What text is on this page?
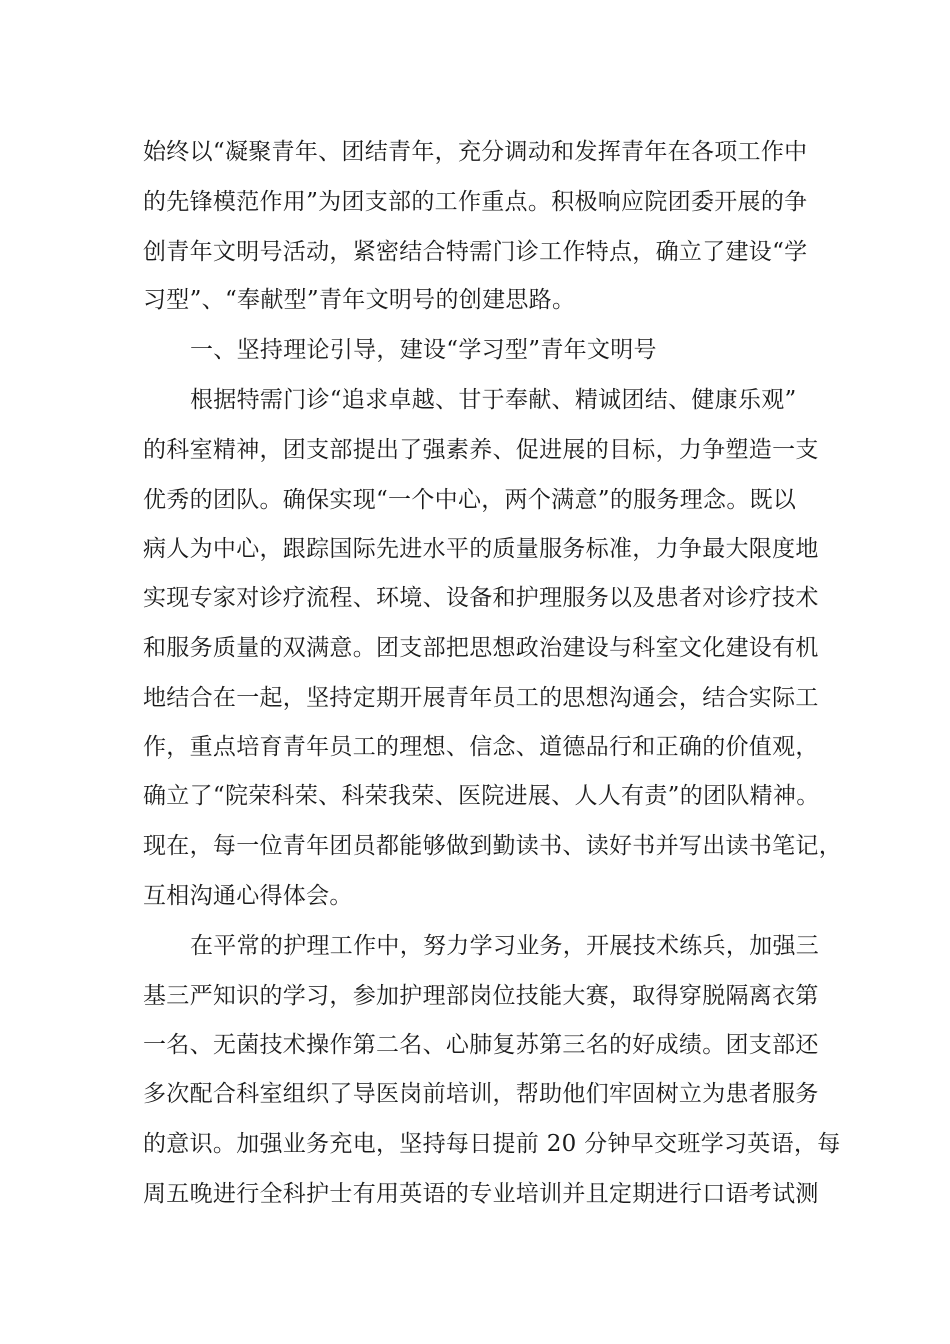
始终以“凝聚青年、团结青年，充分调动和发挥青年在各项工作中
的先锋模范作用”为团支部的工作重点。积极响应院团委开展的争
创青年文明号活动，紧密结合特需门诊工作特点，确立了建设“学
习型”、“奉献型”青年文明号的创建思路。
一、坚持理论引导，建设“学习型”青年文明号
根据特需门诊“追求卓越、甘于奉献、精诚团结、健康乐观”
的科室精神，团支部提出了强素养、促进展的目标，力争塑造一支
优秀的团队。确保实现“一个中心，两个满意”的服务理念。既以
病人为中心，跟踪国际先进水平的质量服务标准，力争最大限度地
实现专家对诊疗流程、环境、设备和护理服务以及患者对诊疗技术
和服务质量的双满意。团支部把思想政治建设与科室文化建设有机
地结合在一起，坚持定期开展青年员工的思想沟通会，结合实际工
作，重点培育青年员工的理想、信念、道德品行和正确的价值观，
确立了“院荣科荣、科荣我荣、医院进展、人人有责”的团队精神。
现在，每一位青年团员都能够做到勤读书、读好书并写出读书笔记，
互相沟通心得体会。
在平常的护理工作中，努力学习业务，开展技术练兵，加强三
基三严知识的学习，参加护理部岗位技能大赛，取得穿脱隔离衣第
一名、无菌技术操作第二名、心肺复苏第三名的好成绩。团支部还
多次配合科室组织了导医岗前培训，帮助他们牢固树立为患者服务
的意识。加强业务充电，坚持每日提前 20 分钟早交班学习英语，每
周五晚进行全科护士有用英语的专业培训并且定期进行口语考试测
